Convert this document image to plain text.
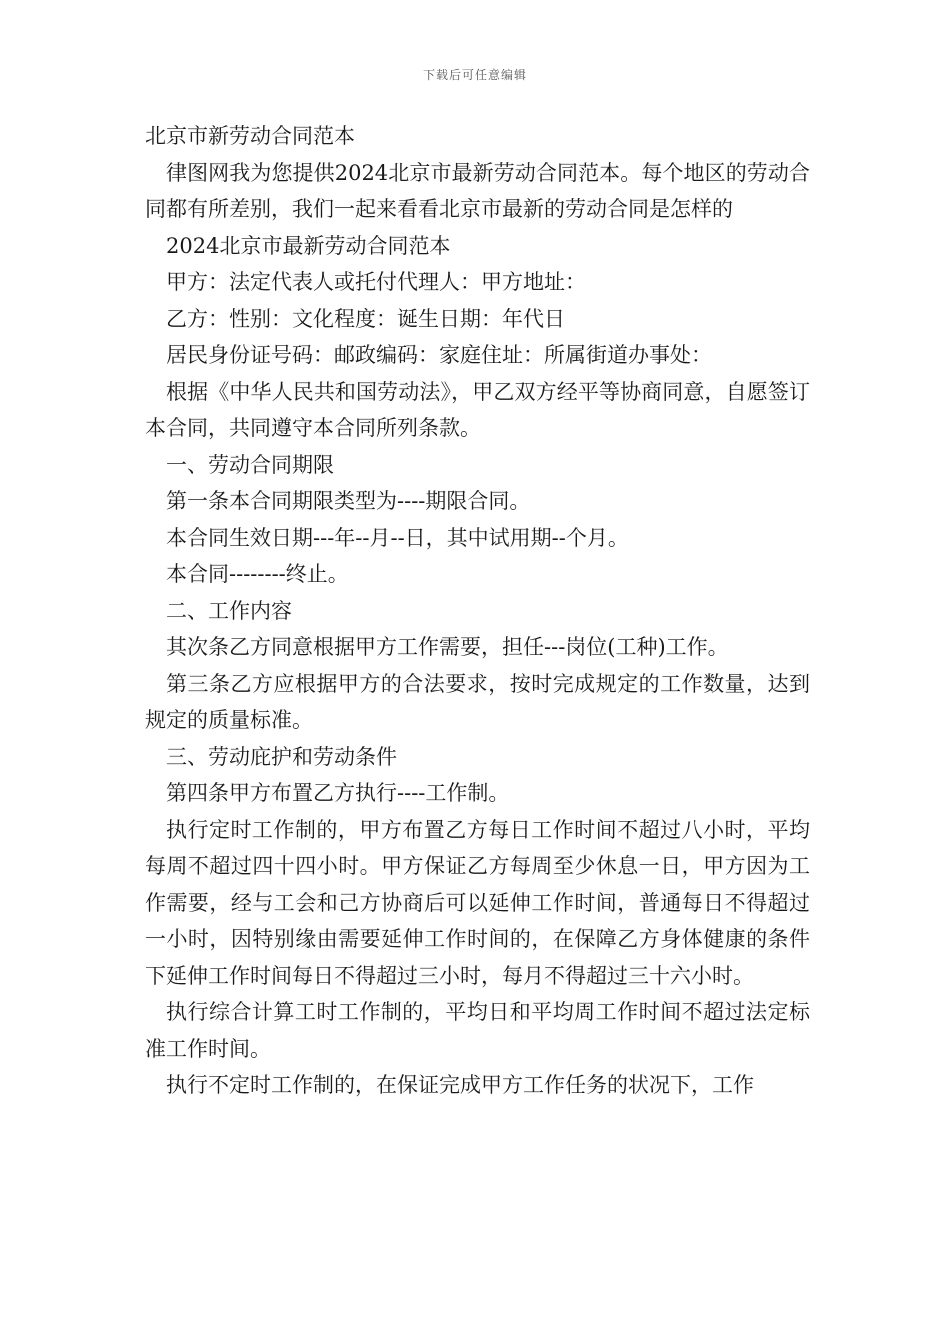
下载后可任意编辑

北京市新劳动合同范本

律图网我为您提供2024北京市最新劳动合同范本。每个地区的劳动合同都有所差别，我们一起来看看北京市最新的劳动合同是怎样的

2024北京市最新劳动合同范本

甲方：法定代表人或托付代理人：甲方地址：

乙方：性别：文化程度：诞生日期：年代日

居民身份证号码：邮政编码：家庭住址：所属街道办事处：

根据《中华人民共和国劳动法》，甲乙双方经平等协商同意，自愿签订本合同，共同遵守本合同所列条款。

一、劳动合同期限

第一条本合同期限类型为----期限合同。

本合同生效日期---年--月--日，其中试用期--个月。

本合同--------终止。

二、工作内容

其次条乙方同意根据甲方工作需要，担任---岗位(工种)工作。

第三条乙方应根据甲方的合法要求，按时完成规定的工作数量，达到规定的质量标准。

三、劳动庇护和劳动条件

第四条甲方布置乙方执行----工作制。

执行定时工作制的，甲方布置乙方每日工作时间不超过八小时，平均每周不超过四十四小时。甲方保证乙方每周至少休息一日，甲方因为工作需要，经与工会和己方协商后可以延伸工作时间，普通每日不得超过一小时，因特别缘由需要延伸工作时间的，在保障乙方身体健康的条件下延伸工作时间每日不得超过三小时，每月不得超过三十六小时。

执行综合计算工时工作制的，平均日和平均周工作时间不超过法定标准工作时间。

执行不定时工作制的，在保证完成甲方工作任务的状况下，工作
